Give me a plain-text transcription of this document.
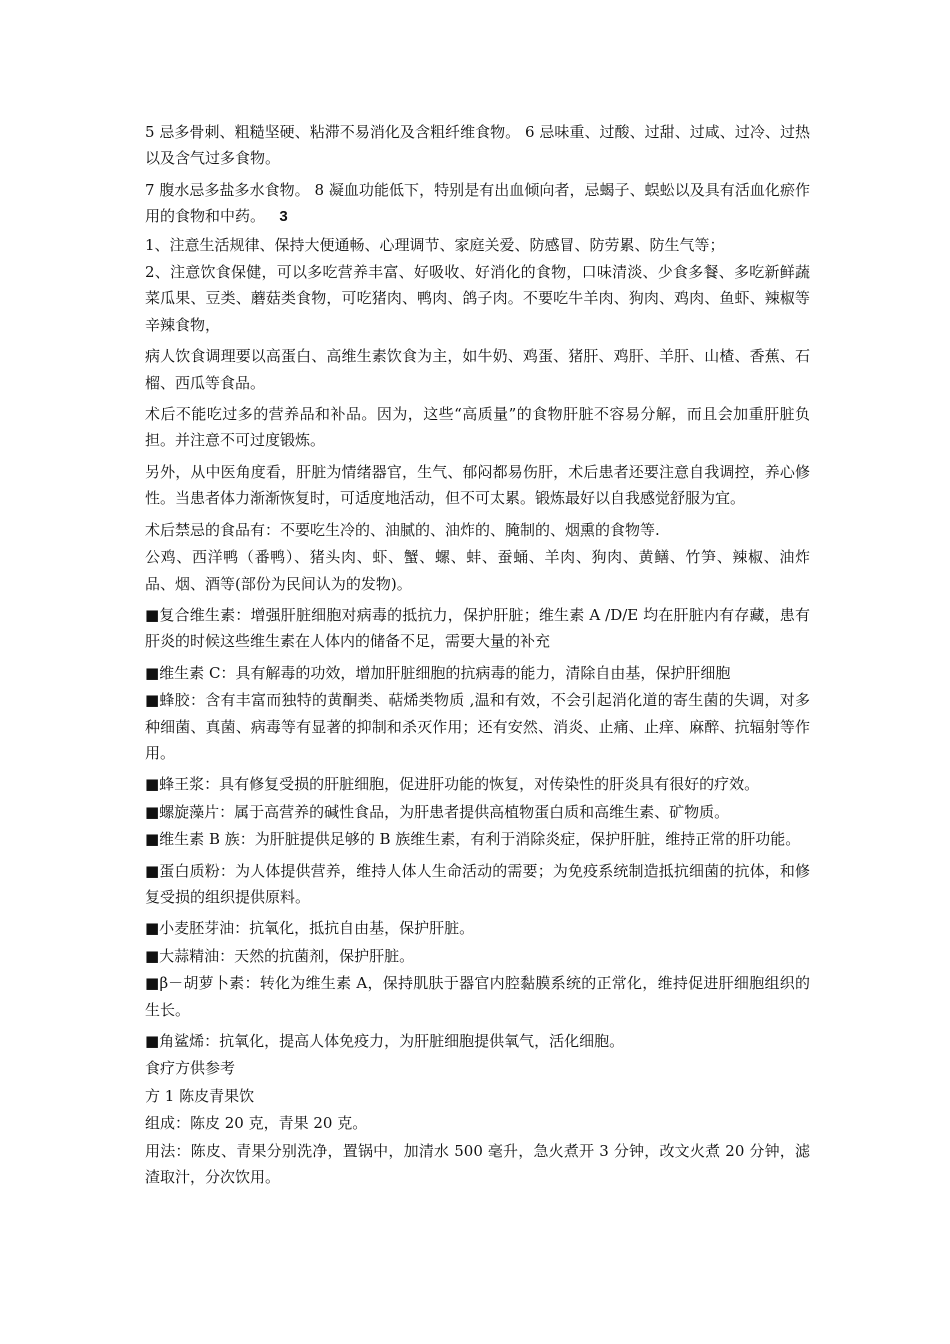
5 忌多骨刺、粗糙坚硬、粘滞不易消化及含粗纤维食物。 6 忌味重、过酸、过甜、过咸、过冷、过热以及含气过多食物。

7 腹水忌多盐多水食物。 8 凝血功能低下，特别是有出血倾向者，忌蝎子、蜈蚣以及具有活血化瘀作用的食物和中药。 3

1、注意生活规律、保持大便通畅、心理调节、家庭关爱、防感冒、防劳累、防生气等；

2、注意饮食保健，可以多吃营养丰富、好吸收、好消化的食物，口味清淡、少食多餐、多吃新鲜蔬菜瓜果、豆类、蘑菇类食物，可吃猪肉、鸭肉、鸽子肉。不要吃牛羊肉、狗肉、鸡肉、鱼虾、辣椒等辛辣食物，

病人饮食调理要以高蛋白、高维生素饮食为主，如牛奶、鸡蛋、猪肝、鸡肝、羊肝、山楂、香蕉、石榴、西瓜等食品。

术后不能吃过多的营养品和补品。因为，这些“高质量”的食物肝脏不容易分解，而且会加重肝脏负担。并注意不可过度锻炼。

另外，从中医角度看，肝脏为情绪器官，生气、郁闷都易伤肝，术后患者还要注意自我调控，养心修性。当患者体力渐渐恢复时，可适度地活动，但不可太累。锻炼最好以自我感觉舒服为宜。

术后禁忌的食品有：不要吃生冷的、油腻的、油炸的、腌制的、烟熏的食物等.

公鸡、西洋鸭（番鸭）、猪头肉、虾、蟹、螺、蚌、蚕蛹、羊肉、狗肉、黄鳝、竹笋、辣椒、油炸品、烟、酒等(部份为民间认为的发物)。

■复合维生素：增强肝脏细胞对病毒的抵抗力，保护肝脏；维生素 A /D/E 均在肝脏内有存藏，患有肝炎的时候这些维生素在人体内的储备不足，需要大量的补充

■维生素 C：具有解毒的功效，增加肝脏细胞的抗病毒的能力，清除自由基，保护肝细胞

■蜂胶：含有丰富而独特的黄酮类、萜烯类物质 ,温和有效，不会引起消化道的寄生菌的失调，对多种细菌、真菌、病毒等有显著的抑制和杀灭作用；还有安然、消炎、止痛、止痒、麻醉、抗辐射等作用。

■蜂王浆：具有修复受损的肝脏细胞，促进肝功能的恢复，对传染性的肝炎具有很好的疗效。

■螺旋藻片：属于高营养的碱性食品，为肝患者提供高植物蛋白质和高维生素、矿物质。

■维生素 B 族：为肝脏提供足够的 B 族维生素，有利于消除炎症，保护肝脏，维持正常的肝功能。

■蛋白质粉：为人体提供营养，维持人体人生命活动的需要；为免疫系统制造抵抗细菌的抗体，和修复受损的组织提供原料。

■小麦胚芽油：抗氧化，抵抗自由基，保护肝脏。

■大蒜精油：天然的抗菌剂，保护肝脏。

■β－胡萝卜素：转化为维生素 A，保持肌肤于器官内腔黏膜系统的正常化，维持促进肝细胞组织的生长。

■角鲨烯：抗氧化，提高人体免疫力，为肝脏细胞提供氧气，活化细胞。

食疗方供参考

方 1 陈皮青果饮

组成：陈皮 20 克，青果 20 克。

用法：陈皮、青果分别洗净，置锅中，加清水 500 毫升，急火煮开 3 分钟，改文火煮 20 分钟，滤渣取汁，分次饮用。
